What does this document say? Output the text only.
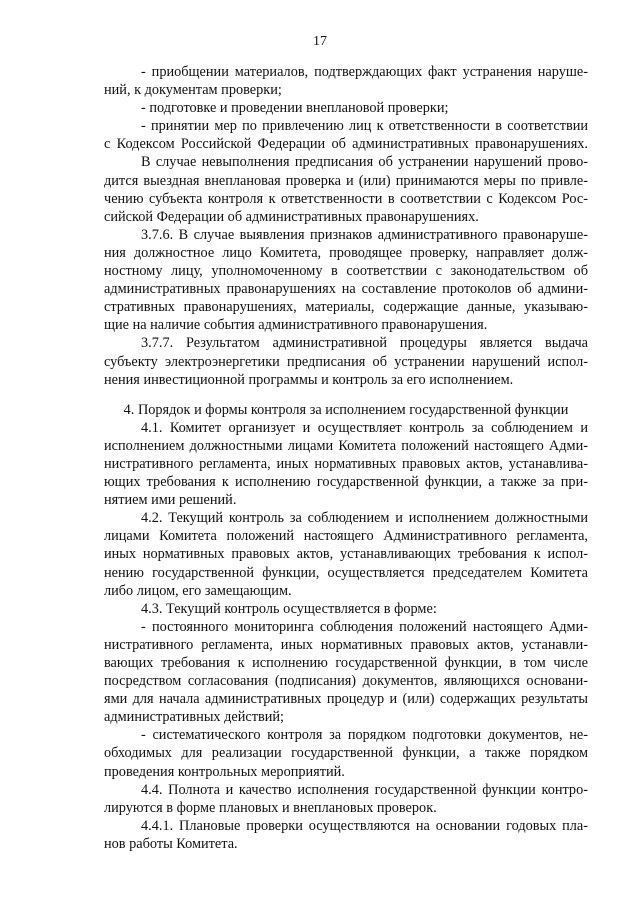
17
- приобщении материалов, подтверждающих факт устранения наруше-
ний, к документам проверки;
- подготовке и проведении внеплановой проверки;
- принятии мер по привлечению лиц к ответственности в соответствии
с Кодексом Российской Федерации об административных правонарушениях.
В случае невыполнения предписания об устранении нарушений прово-
дится выездная внеплановая проверка и (или) принимаются меры по привле-
чению субъекта контроля к ответственности в соответствии с Кодексом Рос-
сийской Федерации об административных правонарушениях.
3.7.6. В случае выявления признаков административного правонаруше-
ния должностное лицо Комитета, проводящее проверку, направляет долж-
ностному лицу, уполномоченному в соответствии с законодательством об
административных правонарушениях на составление протоколов об админи-
стративных правонарушениях, материалы, содержащие данные, указываю-
щие на наличие события административного правонарушения.
3.7.7. Результатом административной процедуры является выдача
субъекту электроэнергетики предписания об устранении нарушений испол-
нения инвестиционной программы и контроль за его исполнением.
4. Порядок и формы контроля за исполнением государственной функции
4.1. Комитет организует и осуществляет контроль за соблюдением и
исполнением должностными лицами Комитета положений настоящего Адми-
нистративного регламента, иных нормативных правовых актов, устанавлива-
ющих требования к исполнению государственной функции, а также за при-
нятием ими решений.
4.2. Текущий контроль за соблюдением и исполнением должностными
лицами Комитета положений настоящего Административного регламента,
иных нормативных правовых актов, устанавливающих требования к испол-
нению государственной функции, осуществляется председателем Комитета
либо лицом, его замещающим.
4.3. Текущий контроль осуществляется в форме:
- постоянного мониторинга соблюдения положений настоящего Адми-
нистративного регламента, иных нормативных правовых актов, устанавли-
вающих требования к исполнению государственной функции, в том числе
посредством согласования (подписания) документов, являющихся основани-
ями для начала административных процедур и (или) содержащих результаты
административных действий;
- систематического контроля за порядком подготовки документов, не-
обходимых для реализации государственной функции, а также порядком
проведения контрольных мероприятий.
4.4. Полнота и качество исполнения государственной функции контро-
лируются в форме плановых и внеплановых проверок.
4.4.1. Плановые проверки осуществляются на основании годовых пла-
нов работы Комитета.
